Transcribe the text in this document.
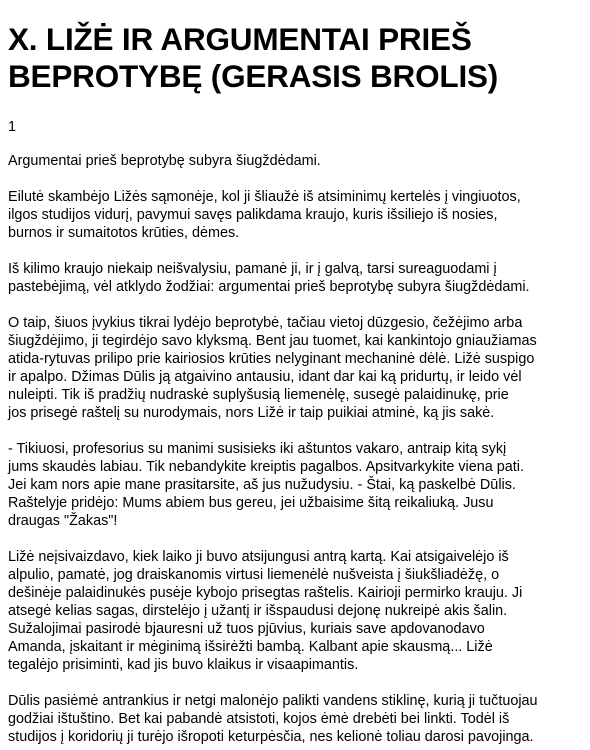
X. LIŽĖ IR ARGUMENTAI PRIEŠ BEPROTYBĘ (GERASIS BROLIS)

1

Argumentai prieš beprotybę subyra šiugždėdami.

Eilutė skambėjo Ližės sąmonėje, kol ji šliaužė iš atsiminimų kertelės į vingiuotos,
ilgos studijos vidurį, pavymui savęs palikdama kraujo, kuris išsiliejo iš nosies,
burnos ir sumaitotos krūties, dėmes.

Iš kilimo kraujo niekaip neišvalysiu, pamanė ji, ir į galvą, tarsi sureaguodami į
pastebėjimą, vėl atklydo žodžiai: argumentai prieš beprotybę subyra šiugždėdami.

O taip, šiuos įvykius tikrai lydėjo beprotybė, tačiau vietoj dūzgesio, čežėjimo arba
šiugždėjimo, ji tegirdėjo savo klyksmą. Bent jau tuomet, kai kankintojo gniaužiamas
atida-rytuvas prilipo prie kairiosios krūties nelyginant mechaninė dėlė. Ližė suspigo
ir apalpo. Džimas Dūlis ją atgaivino antausiu, idant dar kai ką pridurtų, ir leido vėl
nuleipti. Tik iš pradžių nudraskė suplyšusią liemenėlę, susegė palaidinukę, prie
jos prisegė raštelį su nurodymais, nors Ližė ir taip puikiai atminė, ką jis sakė.

- Tikiuosi, profesorius su manimi susisieks iki aštuntos vakaro, antraip kitą sykį
jums skaudės labiau. Tik nebandykite kreiptis pagalbos. Apsitvarkykite viena pati.
Jei kam nors apie mane prasitarsite, aš jus nužudysiu. - Štai, ką paskelbė Dūlis.
Raštelyje pridėjo: Mums abiem bus gereu, jei užbaisime šitą reikaliuką. Jusu
draugas "Žakas"!

Ližė neįsivaizdavo, kiek laiko ji buvo atsijungusi antrą kartą. Kai atsigaivelėjo iš
alpulio, pamatė, jog draiskanomis virtusi liemenėlė nušveista į šiukšliadėžę, o
dešinėje palaidinukės pusėje kybojo prisegtas raštelis. Kairioji permirko krauju. Ji
atsegė kelias sagas, dirstelėjo į užantį ir išspaudusi dejonę nukreipė akis šalin.
Sužalojimai pasirodė bjauresni už tuos pjūvius, kuriais save apdovanodavo
Amanda, įskaitant ir mėginimą išsirėžti bambą. Kalbant apie skausmą... Ližė
tegalėjo prisiminti, kad jis buvo klaikus ir visaapimantis.

Dūlis pasiėmė antrankius ir netgi malonėjo palikti vandens stiklinę, kurią ji tučtuojau
godžiai ištuštino. Bet kai pabandė atsistoti, kojos ėmė drebėti bei linkti. Todėl iš
studijos į koridorių ji turėjo išropoti keturpėsčia, nes kelionė toliau darosi pavojinga.
